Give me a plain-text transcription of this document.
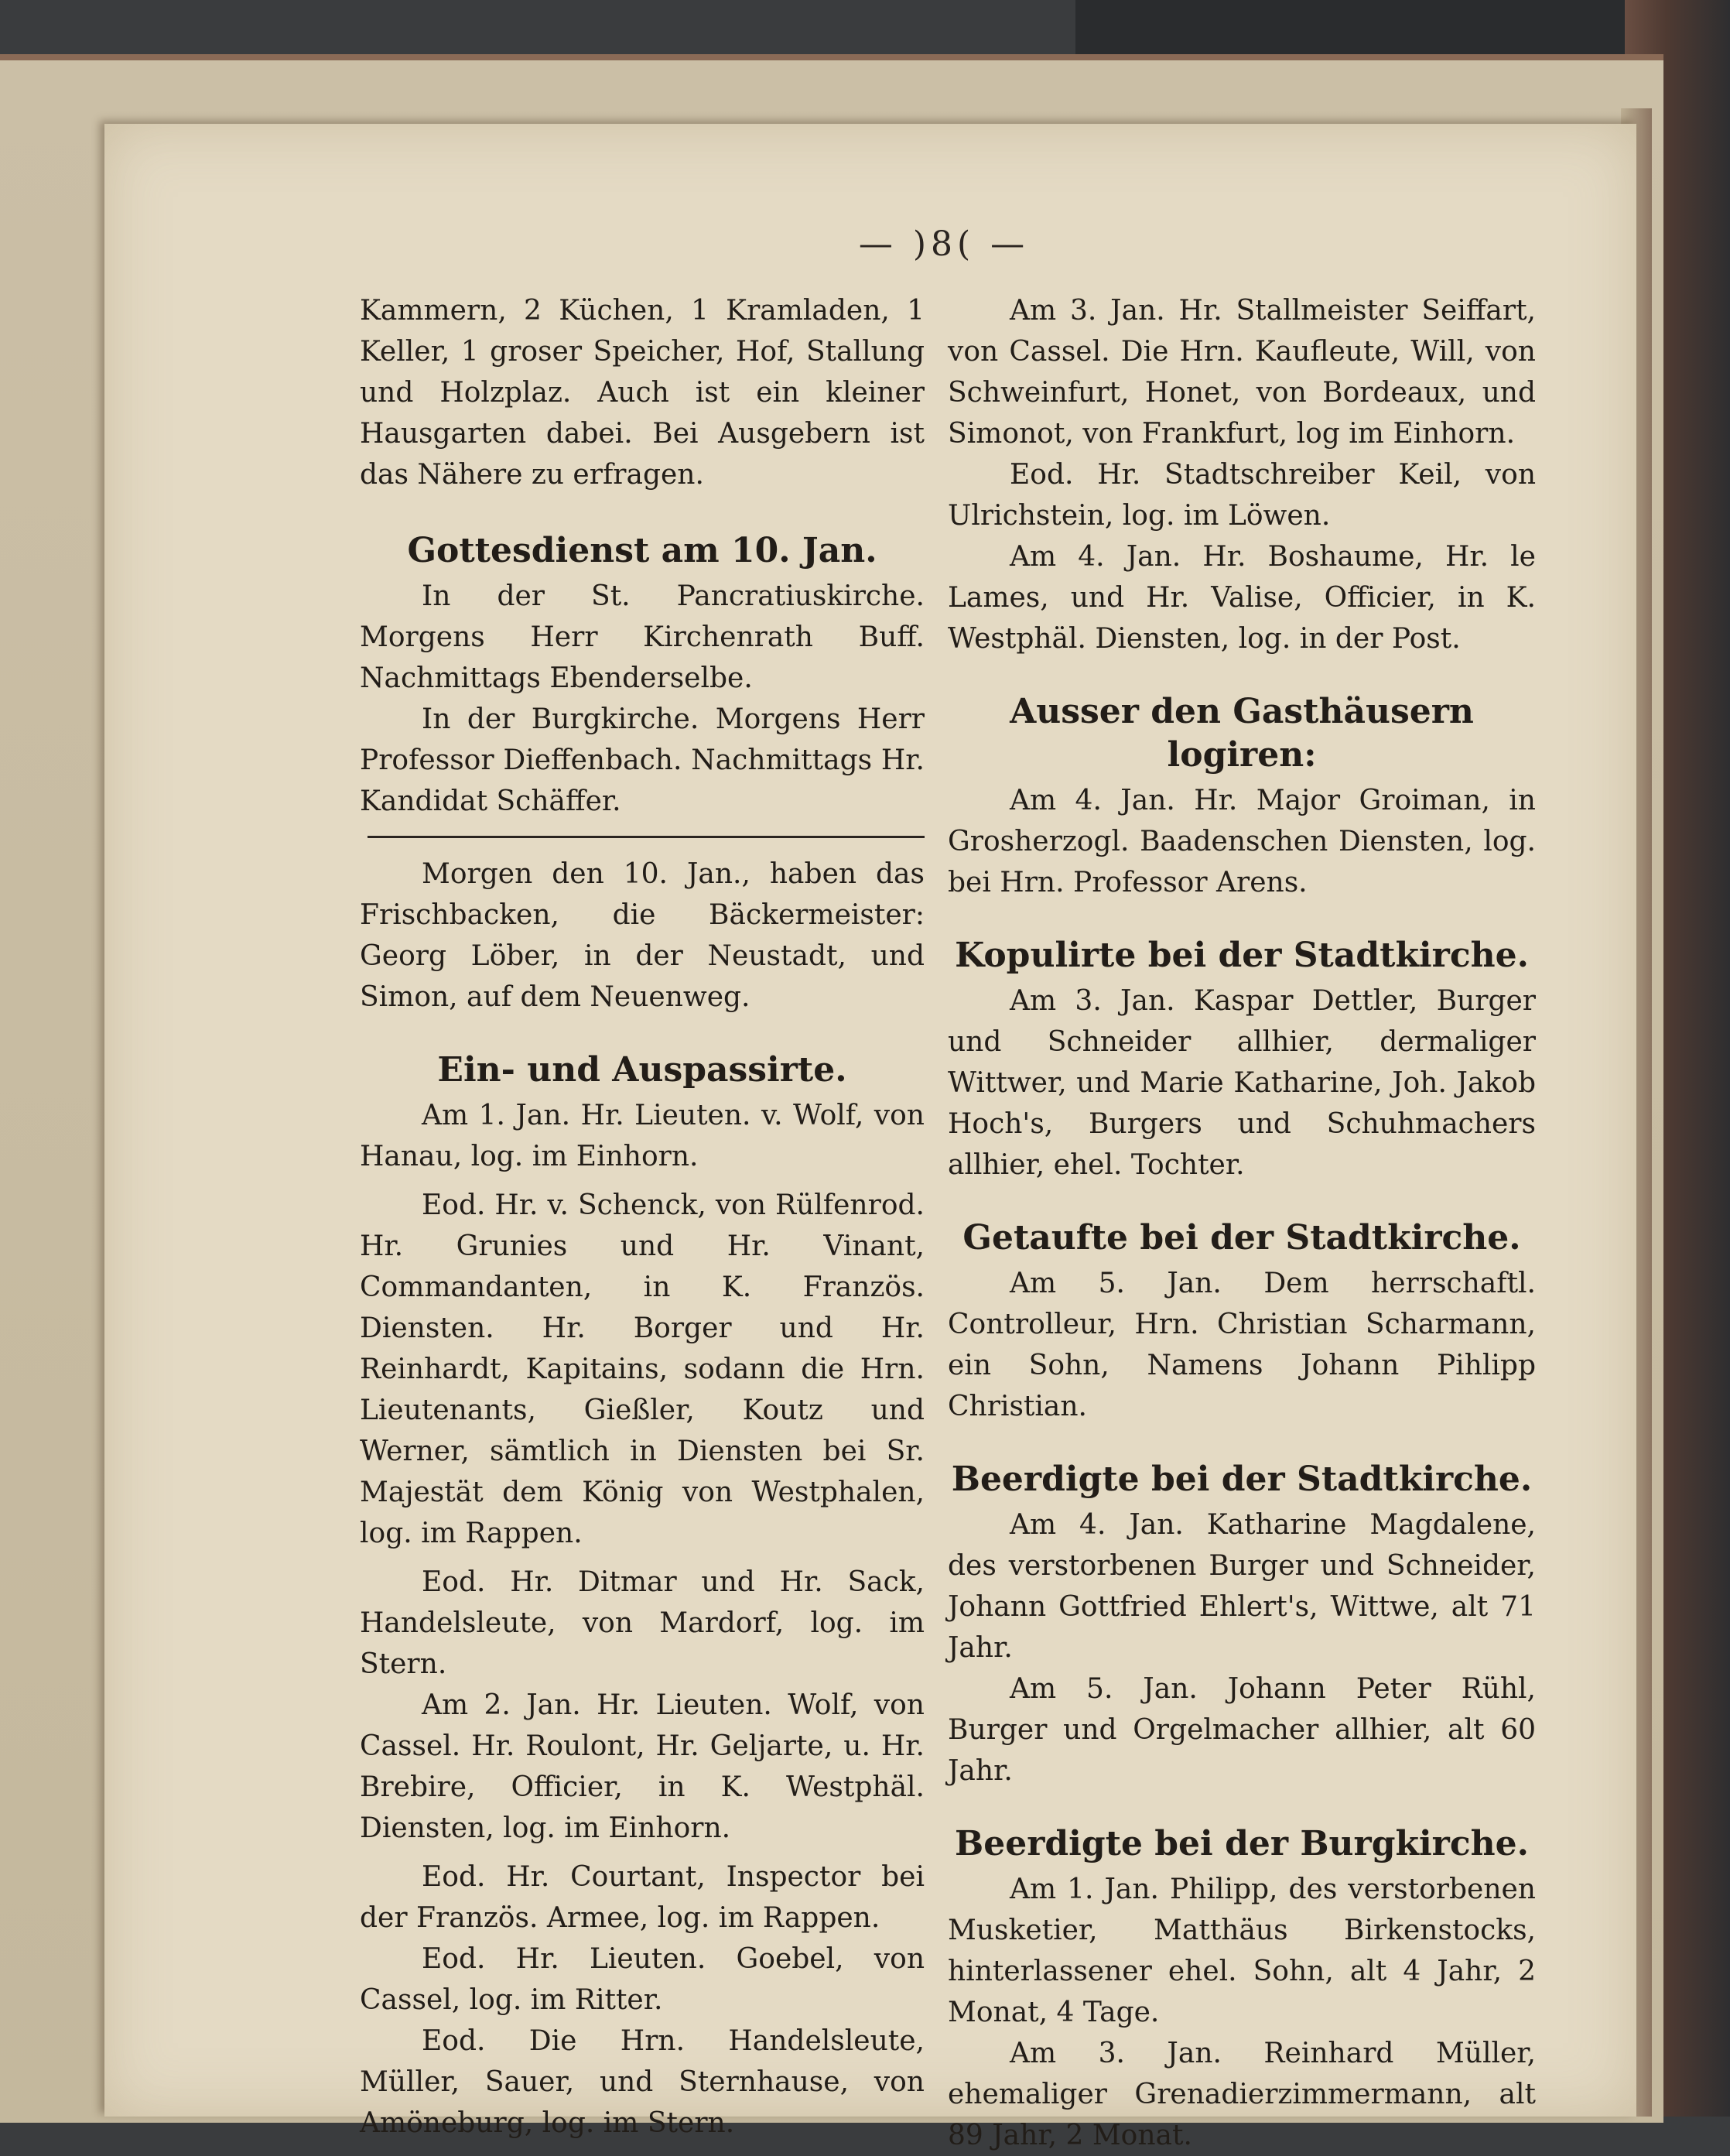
— )8( —

Kammern, 2 Küchen, 1 Kramladen, 1 Keller, 1 groser Speicher, Hof, Stallung und Holzplaz. Auch ist ein kleiner Hausgarten dabei. Bei Ausgebern ist das Nähere zu erfragen.

Gottesdienst am 10. Jan.

In der St. Pancratiuskirche. Morgens Herr Kirchenrath Buff. Nachmittags Ebenderselbe.

In der Burgkirche. Morgens Herr Professor Dieffenbach. Nachmittags Hr. Kandidat Schäffer.

Morgen den 10. Jan., haben das Frischbacken, die Bäckermeister: Georg Löber, in der Neustadt, und Simon, auf dem Neuenweg.

Ein- und Auspassirte.

Am 1. Jan. Hr. Lieuten. v. Wolf, von Hanau, log. im Einhorn.

Eod. Hr. v. Schenck, von Rülfenrod. Hr. Grunies und Hr. Vinant, Commandanten, in K. Französ. Diensten. Hr. Borger und Hr. Reinhardt, Kapitains, sodann die Hrn. Lieutenants, Gießler, Koutz und Werner, sämtlich in Diensten bei Sr. Majestät dem König von Westphalen, log. im Rappen.

Eod. Hr. Ditmar und Hr. Sack, Handelsleute, von Mardorf, log. im Stern.

Am 2. Jan. Hr. Lieuten. Wolf, von Cassel. Hr. Roulont, Hr. Geljarte, u. Hr. Brebire, Officier, in K. Westphäl. Diensten, log. im Einhorn.

Eod. Hr. Courtant, Inspector bei der Französ. Armee, log. im Rappen.

Eod. Hr. Lieuten. Goebel, von Cassel, log. im Ritter.

Eod. Die Hrn. Handelsleute, Müller, Sauer, und Sternhause, von Amöneburg, log. im Stern.

Am 3. Jan. Hr. Stallmeister Seiffart, von Cassel. Die Hrn. Kaufleute, Will, von Schweinfurt, Honet, von Bordeaux, und Simonot, von Frankfurt, log im Einhorn.

Eod. Hr. Stadtschreiber Keil, von Ulrichstein, log. im Löwen.

Am 4. Jan. Hr. Boshaume, Hr. le Lames, und Hr. Valise, Officier, in K. Westphäl. Diensten, log. in der Post.

Ausser den Gasthäusern logiren:

Am 4. Jan. Hr. Major Groiman, in Grosherzogl. Baadenschen Diensten, log. bei Hrn. Professor Arens.

Kopulirte bei der Stadtkirche.

Am 3. Jan. Kaspar Dettler, Burger und Schneider allhier, dermaliger Wittwer, und Marie Katharine, Joh. Jakob Hoch's, Burgers und Schuhmachers allhier, ehel. Tochter.

Getaufte bei der Stadtkirche.

Am 5. Jan. Dem herrschaftl. Controlleur, Hrn. Christian Scharmann, ein Sohn, Namens Johann Pihlipp Christian.

Beerdigte bei der Stadtkirche.

Am 4. Jan. Katharine Magdalene, des verstorbenen Burger und Schneider, Johann Gottfried Ehlert's, Wittwe, alt 71 Jahr.

Am 5. Jan. Johann Peter Rühl, Burger und Orgelmacher allhier, alt 60 Jahr.

Beerdigte bei der Burgkirche.

Am 1. Jan. Philipp, des verstorbenen Musketier, Matthäus Birkenstocks, hinterlassener ehel. Sohn, alt 4 Jahr, 2 Monat, 4 Tage.

Am 3. Jan. Reinhard Müller, ehemaliger Grenadierzimmermann, alt 89 Jahr, 2 Monat.
